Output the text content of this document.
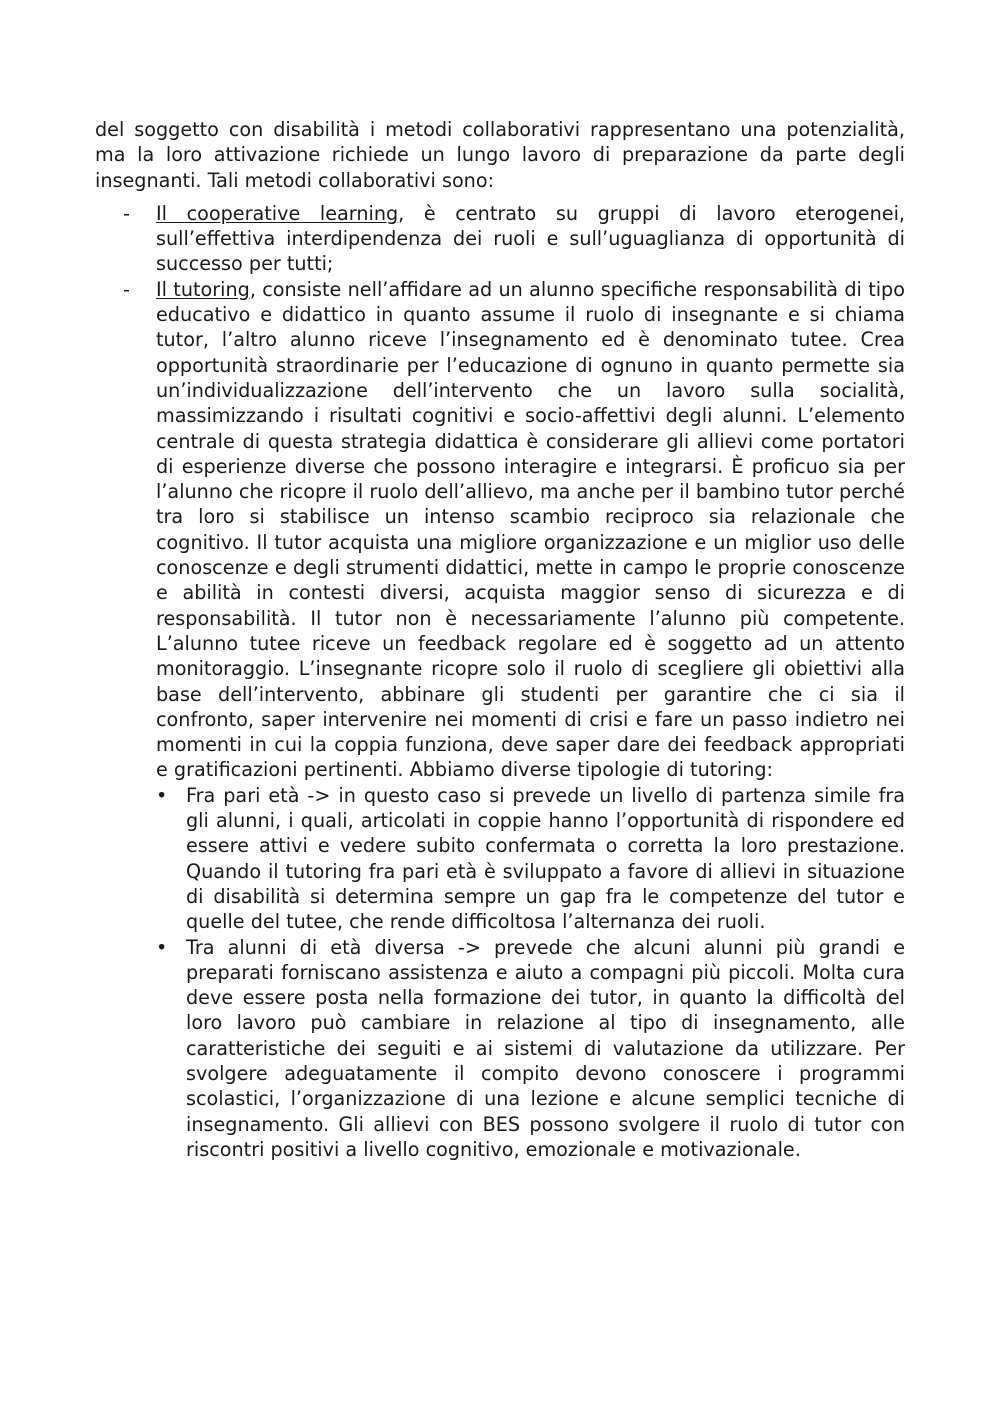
del soggetto con disabilità i metodi collaborativi rappresentano una potenzialità, ma la loro attivazione richiede un lungo lavoro di preparazione da parte degli insegnanti. Tali metodi collaborativi sono:

- Il cooperative learning, è centrato su gruppi di lavoro eterogenei, sull’effettiva interdipendenza dei ruoli e sull’uguaglianza di opportunità di successo per tutti;
- Il tutoring, consiste nell’affidare ad un alunno specifiche responsabilità di tipo educativo e didattico in quanto assume il ruolo di insegnante e si chiama tutor, l’altro alunno riceve l’insegnamento ed è denominato tutee. Crea opportunità straordinarie per l’educazione di ognuno in quanto permette sia un’individualizzazione dell’intervento che un lavoro sulla socialità, massimizzando i risultati cognitivi e socio-affettivi degli alunni. L’elemento centrale di questa strategia didattica è considerare gli allievi come portatori di esperienze diverse che possono interagire e integrarsi. È proficuo sia per l’alunno che ricopre il ruolo dell’allievo, ma anche per il bambino tutor perché tra loro si stabilisce un intenso scambio reciproco sia relazionale che cognitivo. Il tutor acquista una migliore organizzazione e un miglior uso delle conoscenze e degli strumenti didattici, mette in campo le proprie conoscenze e abilità in contesti diversi, acquista maggior senso di sicurezza e di responsabilità. Il tutor non è necessariamente l’alunno più competente. L’alunno tutee riceve un feedback regolare ed è soggetto ad un attento monitoraggio. L’insegnante ricopre solo il ruolo di scegliere gli obiettivi alla base dell’intervento, abbinare gli studenti per garantire che ci sia il confronto, saper intervenire nei momenti di crisi e fare un passo indietro nei momenti in cui la coppia funziona, deve saper dare dei feedback appropriati e gratificazioni pertinenti. Abbiamo diverse tipologie di tutoring:
• Fra pari età -> in questo caso si prevede un livello di partenza simile fra gli alunni, i quali, articolati in coppie hanno l’opportunità di rispondere ed essere attivi e vedere subito confermata o corretta la loro prestazione. Quando il tutoring fra pari età è sviluppato a favore di allievi in situazione di disabilità si determina sempre un gap fra le competenze del tutor e quelle del tutee, che rende difficoltosa l’alternanza dei ruoli.
• Tra alunni di età diversa -> prevede che alcuni alunni più grandi e preparati forniscano assistenza e aiuto a compagni più piccoli. Molta cura deve essere posta nella formazione dei tutor, in quanto la difficoltà del loro lavoro può cambiare in relazione al tipo di insegnamento, alle caratteristiche dei seguiti e ai sistemi di valutazione da utilizzare. Per svolgere adeguatamente il compito devono conoscere i programmi scolastici, l’organizzazione di una lezione e alcune semplici tecniche di insegnamento. Gli allievi con BES possono svolgere il ruolo di tutor con riscontri positivi a livello cognitivo, emozionale e motivazionale.
